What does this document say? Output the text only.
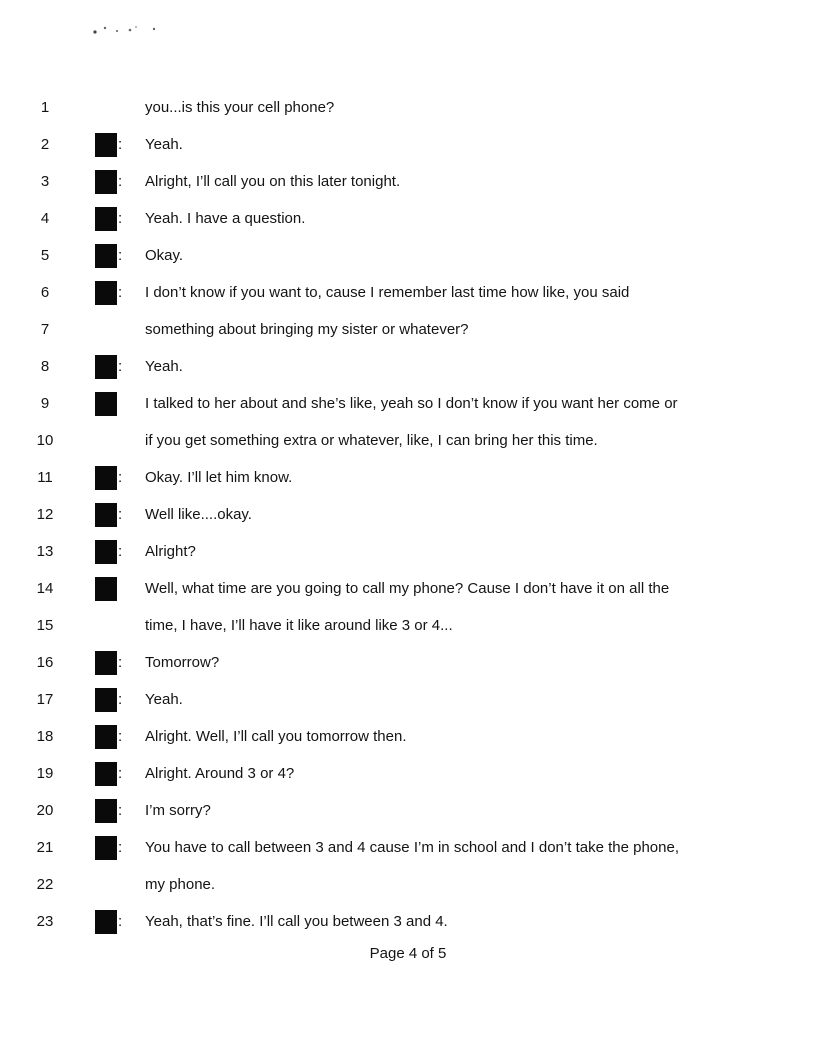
1	you...is this your cell phone?
2	: Yeah.
3	: Alright, I’ll call you on this later tonight.
4	: Yeah. I have a question.
5	: Okay.
6	: I don’t know if you want to, cause I remember last time how like, you said
7	something about bringing my sister or whatever?
8	: Yeah.
9	I talked to her about and she’s like, yeah so I don’t know if you want her come or
10	if you get something extra or whatever, like, I can bring her this time.
11	: Okay. I’ll let him know.
12	: Well like....okay.
13	: Alright?
14	Well, what time are you going to call my phone? Cause I don’t have it on all the
15	time, I have, I’ll have it like around like 3 or 4...
16	: Tomorrow?
17	: Yeah.
18	: Alright. Well, I’ll call you tomorrow then.
19	: Alright. Around 3 or 4?
20	: I’m sorry?
21	: You have to call between 3 and 4 cause I’m in school and I don’t take the phone,
22	my phone.
23	: Yeah, that’s fine. I’ll call you between 3 and 4.
Page 4 of 5
